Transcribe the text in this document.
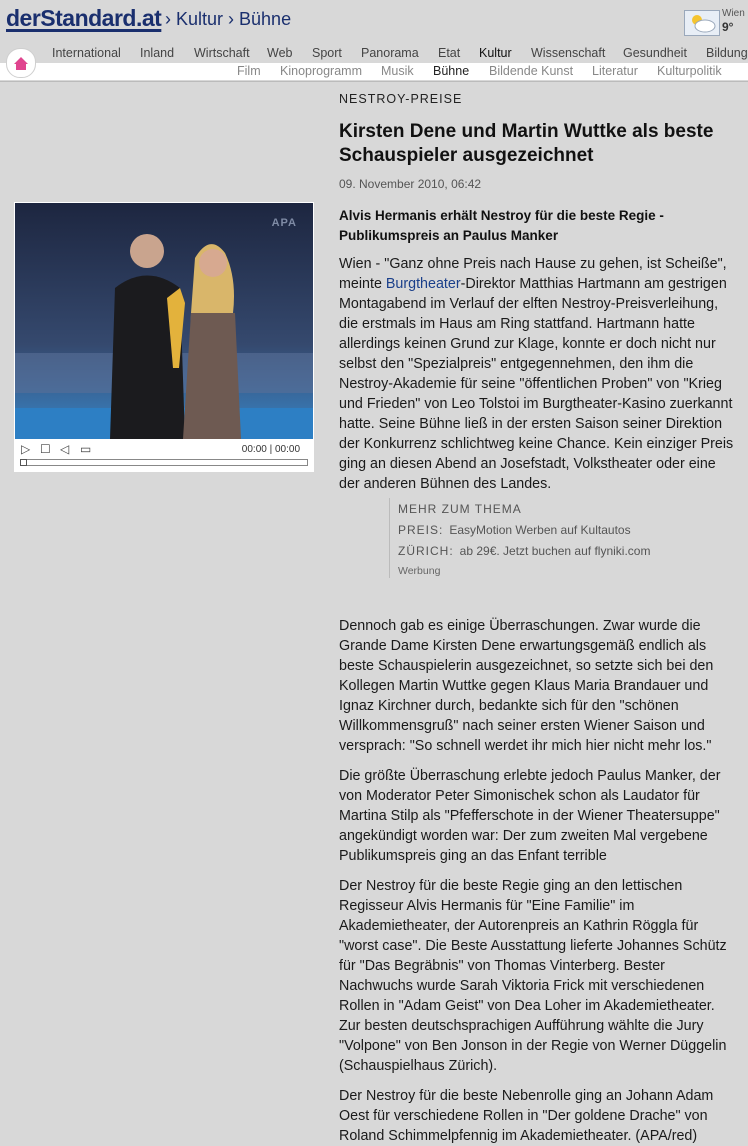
derStandard.at › Kultur › Bühne	Wien
9°
International Inland Wirtschaft Web Sport Panorama Etat Kultur Wissenschaft Gesundheit Bildung
Film Kinoprogramm Musik Bühne Bildende Kunst Literatur Kulturpolitik
APA
▷ ☐ ◁ ▭	00:00 | 00:00

NESTROY-PREISE

Kirsten Dene und Martin Wuttke als beste Schauspieler ausgezeichnet
09. November 2010, 06:42
Alvis Hermanis erhält Nestroy für die beste Regie - Publikumspreis an Paulus Manker

Wien - "Ganz ohne Preis nach Hause zu gehen, ist Scheiße", meinte Burgtheater-Direktor Matthias Hartmann am gestrigen Montagabend im Verlauf der elften Nestroy-Preisverleihung, die erstmals im Haus am Ring stattfand. Hartmann hatte allerdings keinen Grund zur Klage, konnte er doch nicht nur selbst den "Spezialpreis" entgegennehmen, den ihm die Nestroy-Akademie für seine "öffentlichen Proben" von "Krieg und Frieden" von Leo Tolstoi im Burgtheater-Kasino zuerkannt hatte. Seine Bühne ließ in der ersten Saison seiner Direktion der Konkurrenz schlichtweg keine Chance. Kein einziger Preis ging an diesen Abend an Josefstadt, Volkstheater oder eine der anderen Bühnen des Landes.

Dennoch gab es einige Überraschungen. Zwar wurde die Grande Dame Kirsten Dene erwartungsgemäß endlich als beste Schauspielerin ausgezeichnet, so setzte sich bei den Kollegen Martin Wuttke gegen Klaus Maria Brandauer und Ignaz Kirchner durch, bedankte sich für den "schönen Willkommensgruß" nach seiner ersten Wiener Saison und versprach: "So schnell werdet ihr mich hier nicht mehr los."

Die größte Überraschung erlebte jedoch Paulus Manker, der von Moderator Peter Simonischek schon als Laudator für Martina Stilp als "Pfefferschote in der Wiener Theatersuppe" angekündigt worden war: Der zum zweiten Mal vergebene Publikumspreis ging an das Enfant terrible

Der Nestroy für die beste Regie ging an den lettischen Regisseur Alvis Hermanis für "Eine Familie" im Akademietheater, der Autorenpreis an Kathrin Röggla für "worst case". Die Beste Ausstattung lieferte Johannes Schütz für "Das Begräbnis" von Thomas Vinterberg. Bester Nachwuchs wurde Sarah Viktoria Frick mit verschiedenen Rollen in "Adam Geist" von Dea Loher im Akademietheater. Zur besten deutschsprachigen Aufführung wählte die Jury "Volpone" von Ben Jonson in der Regie von Werner Düggelin (Schauspielhaus Zürich).

Der Nestroy für die beste Nebenrolle ging an Johann Adam Oest für verschiedene Rollen in "Der goldene Drache" von Roland Schimmelpfennig im Akademietheater. (APA/red)

MEHR ZUM THEMA
PREIS: EasyMotion Werben auf Kultautos
ZÜRICH: ab 29€. Jetzt buchen auf flyniki.com
Werbung
